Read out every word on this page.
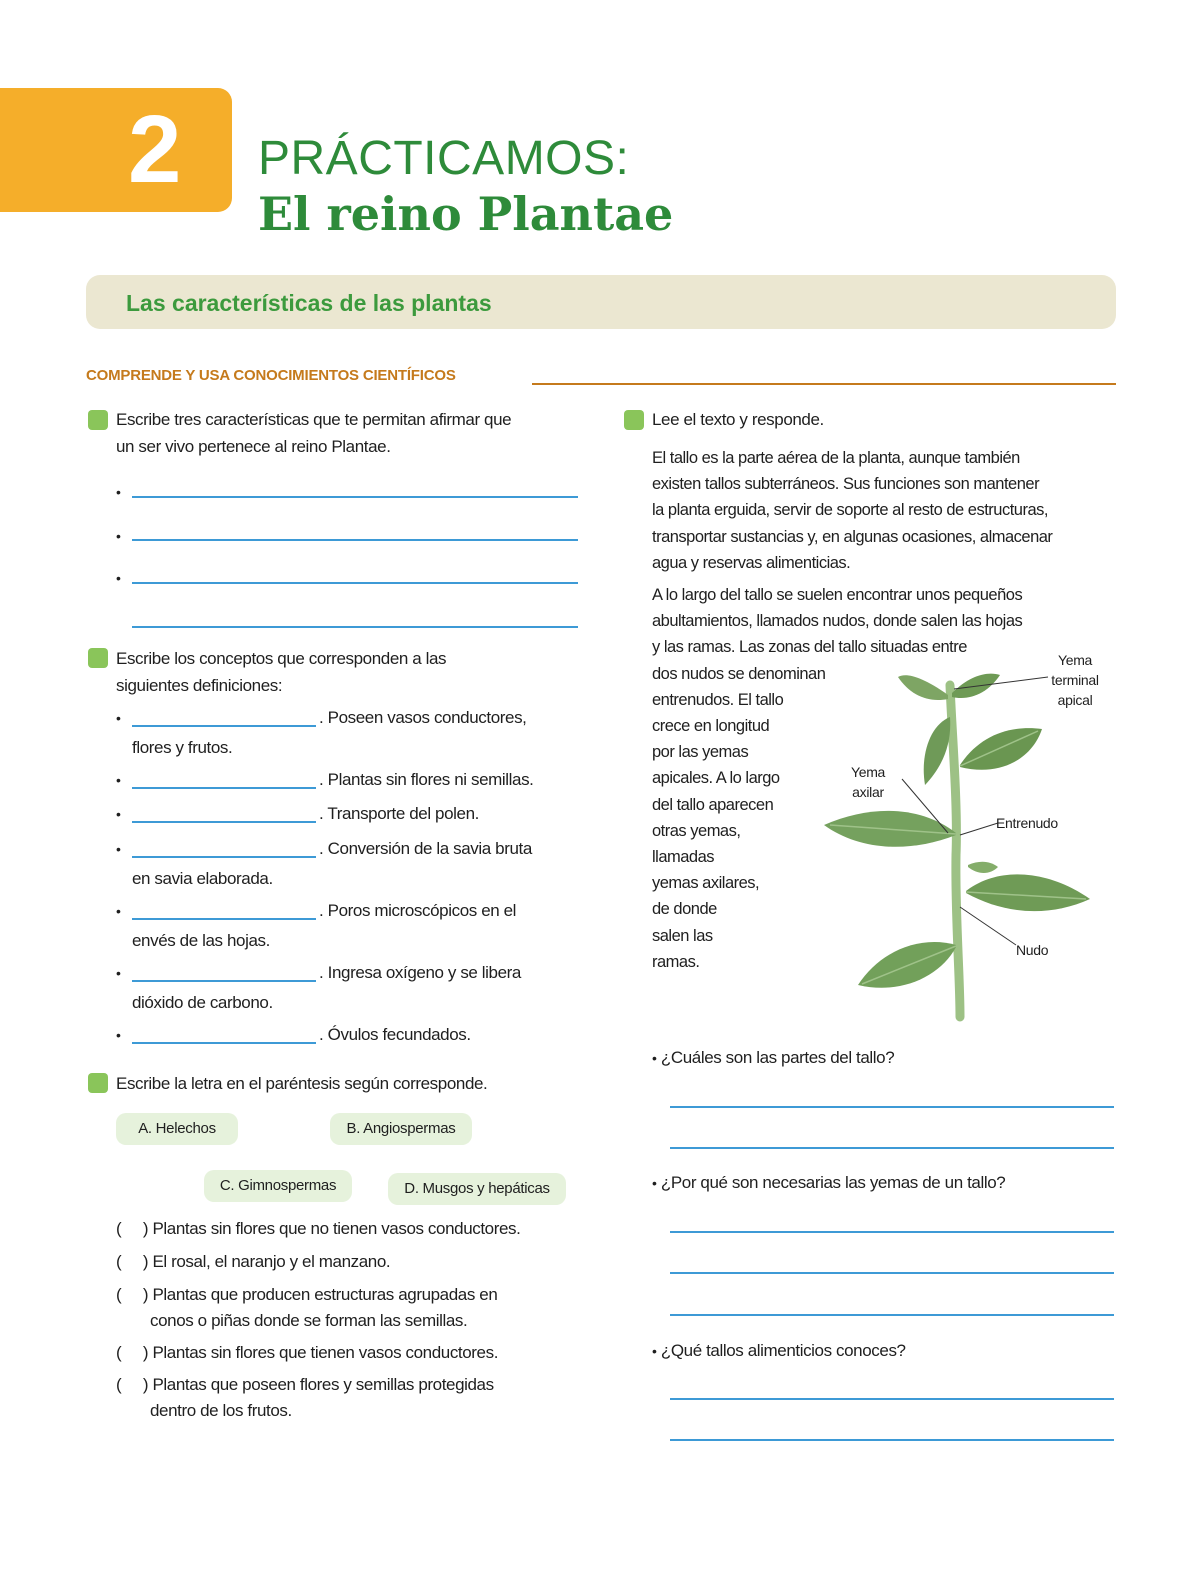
2 PRÁCTICAMOS:
El reino Plantae
Las características de las plantas
COMPRENDE Y USA CONOCIMIENTOS CIENTÍFICOS
Escribe tres características que te permitan afirmar que
un ser vivo pertenece al reino Plantae.
•
•
•
Escribe los conceptos que corresponden a las
siguientes definiciones:
•	. Poseen vasos conductores,
flores y frutos.
•	. Plantas sin flores ni semillas.
•	. Transporte del polen.
•	. Conversión de la savia bruta
en savia elaborada.
•	. Poros microscópicos en el
envés de las hojas.
•	. Ingresa oxígeno y se libera
dióxido de carbono.
•	. Óvulos fecundados.
Escribe la letra en el paréntesis según corresponde.
A. Helechos	B. Angiospermas
C. Gimnospermas	D. Musgos y hepáticas
(     ) Plantas sin flores que no tienen vasos conductores.
(     ) El rosal, el naranjo y el manzano.
(     ) Plantas que producen estructuras agrupadas en
conos o piñas donde se forman las semillas.
(     ) Plantas sin flores que tienen vasos conductores.
(     ) Plantas que poseen flores y semillas protegidas
dentro de los frutos.
Lee el texto y responde.
El tallo es la parte aérea de la planta, aunque también
existen tallos subterráneos. Sus funciones son mantener
la planta erguida, servir de soporte al resto de estructuras,
transportar sustancias y, en algunas ocasiones, almacenar
agua y reservas alimenticias.
A lo largo del tallo se suelen encontrar unos pequeños
abultamientos, llamados nudos, donde salen las hojas
y las ramas. Las zonas del tallo situadas entre
dos nudos se denominan
entrenudos. El tallo
crece en longitud
por las yemas
apicales. A lo largo
del tallo aparecen
otras yemas,
llamadas
yemas axilares,
de donde
salen las
ramas.
Yema
terminal
apical
Yema
axilar
Entrenudo
Nudo
• ¿Cuáles son las partes del tallo?
• ¿Por qué son necesarias las yemas de un tallo?
• ¿Qué tallos alimenticios conoces?
